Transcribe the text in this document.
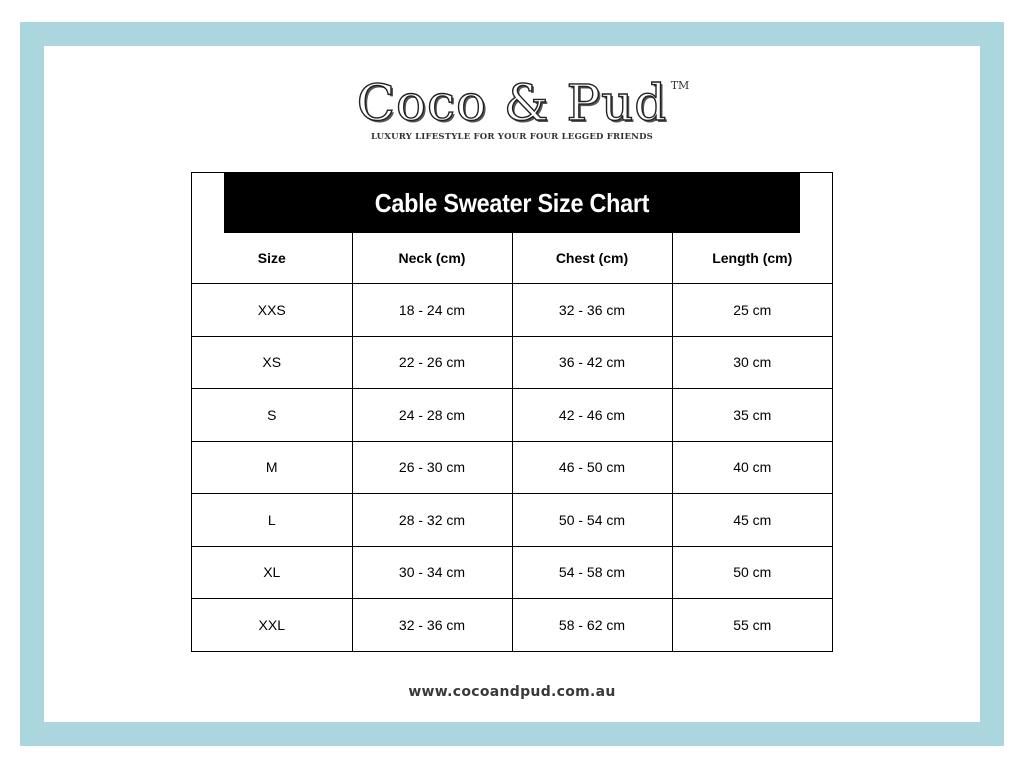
Coco & Pud TM
LUXURY LIFESTYLE FOR YOUR FOUR LEGGED FRIENDS
Cable Sweater Size Chart
Size	Neck (cm)	Chest (cm)	Length (cm)
XXS	18 - 24 cm	32 - 36 cm	25 cm
XS	22 - 26 cm	36 - 42 cm	30 cm
S	24 - 28 cm	42 - 46 cm	35 cm
M	26 - 30 cm	46 - 50 cm	40 cm
L	28 - 32 cm	50 - 54 cm	45 cm
XL	30 - 34 cm	54 - 58 cm	50 cm
XXL	32 - 36 cm	58 - 62 cm	55 cm
www.cocoandpud.com.au
